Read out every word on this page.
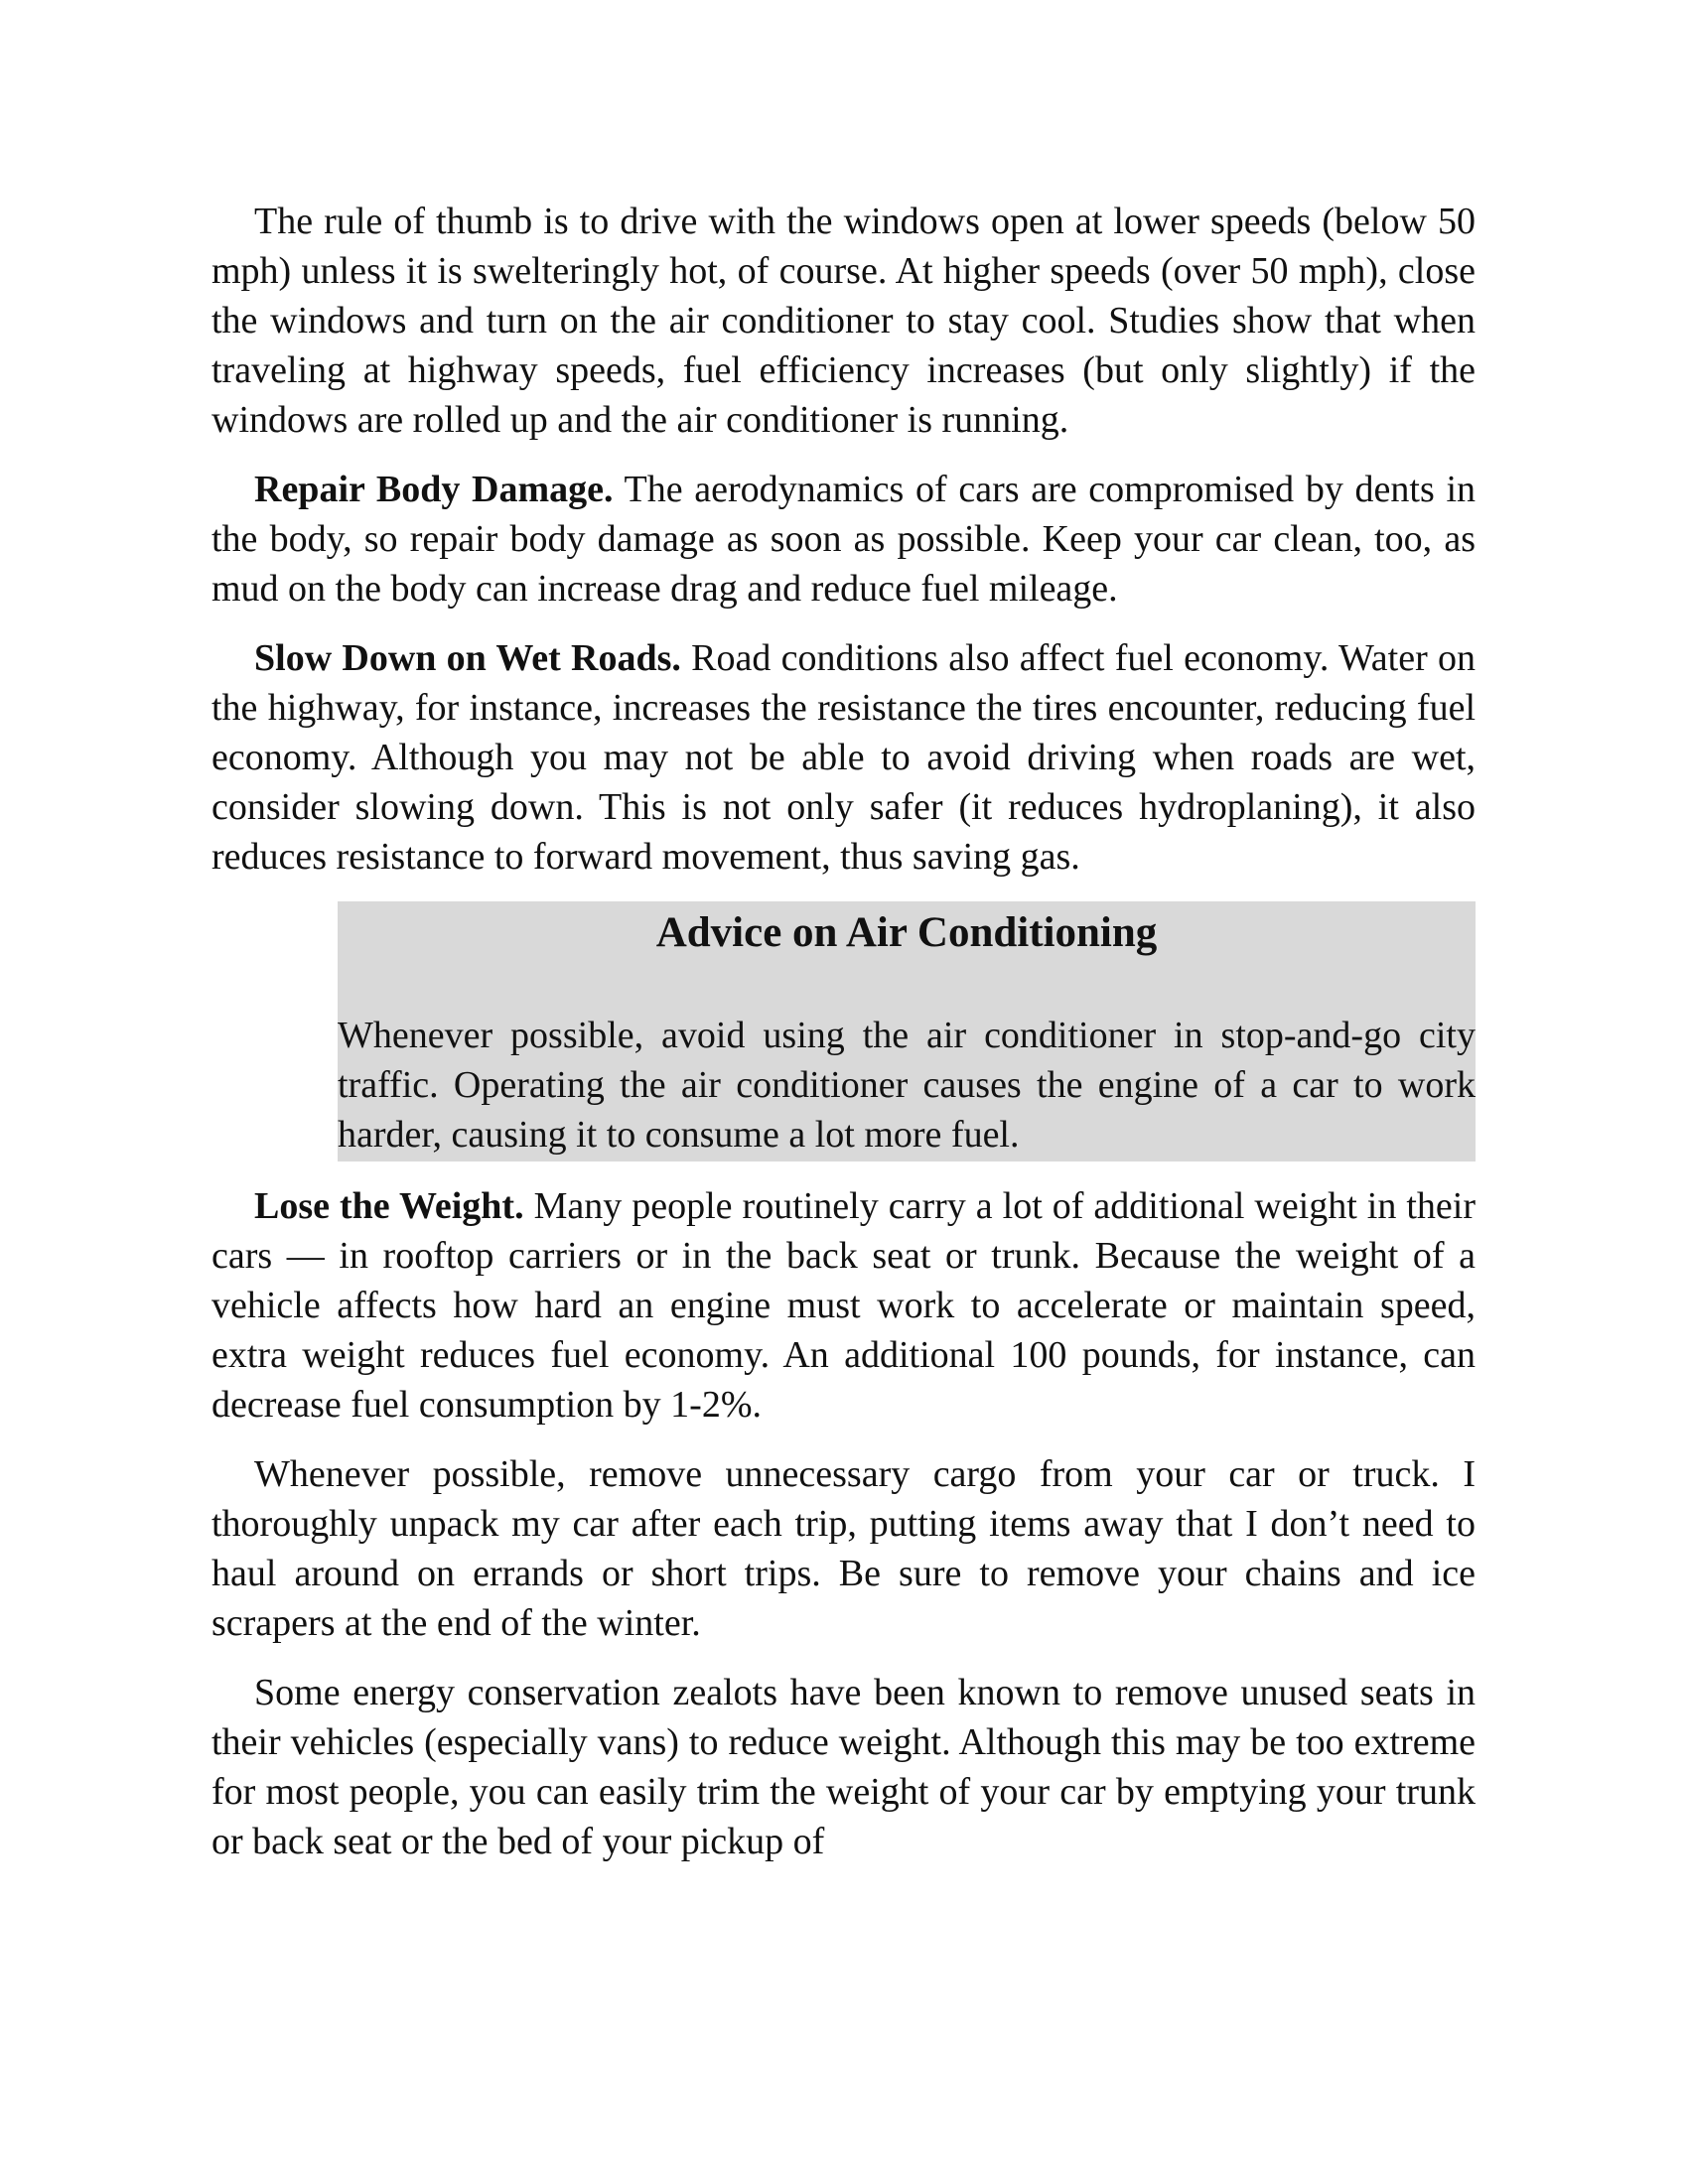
The rule of thumb is to drive with the windows open at lower speeds (below 50 mph) unless it is swelteringly hot, of course. At higher speeds (over 50 mph), close the windows and turn on the air conditioner to stay cool. Studies show that when traveling at highway speeds, fuel efficiency increases (but only slightly) if the windows are rolled up and the air conditioner is running.

Repair Body Damage. The aerodynamics of cars are compromised by dents in the body, so repair body damage as soon as possible. Keep your car clean, too, as mud on the body can increase drag and reduce fuel mileage.

Slow Down on Wet Roads. Road conditions also affect fuel economy. Water on the highway, for instance, increases the resistance the tires encounter, reducing fuel economy. Although you may not be able to avoid driving when roads are wet, consider slowing down. This is not only safer (it reduces hydroplaning), it also reduces resistance to forward movement, thus saving gas.

Advice on Air Conditioning

Whenever possible, avoid using the air conditioner in stop-and-go city traffic. Operating the air conditioner causes the engine of a car to work harder, causing it to consume a lot more fuel.

Lose the Weight. Many people routinely carry a lot of additional weight in their cars — in rooftop carriers or in the back seat or trunk. Because the weight of a vehicle affects how hard an engine must work to accelerate or maintain speed, extra weight reduces fuel economy. An additional 100 pounds, for instance, can decrease fuel consumption by 1-2%.

Whenever possible, remove unnecessary cargo from your car or truck. I thoroughly unpack my car after each trip, putting items away that I don’t need to haul around on errands or short trips. Be sure to remove your chains and ice scrapers at the end of the winter.

Some energy conservation zealots have been known to remove unused seats in their vehicles (especially vans) to reduce weight. Although this may be too extreme for most people, you can easily trim the weight of your car by emptying your trunk or back seat or the bed of your pickup of
